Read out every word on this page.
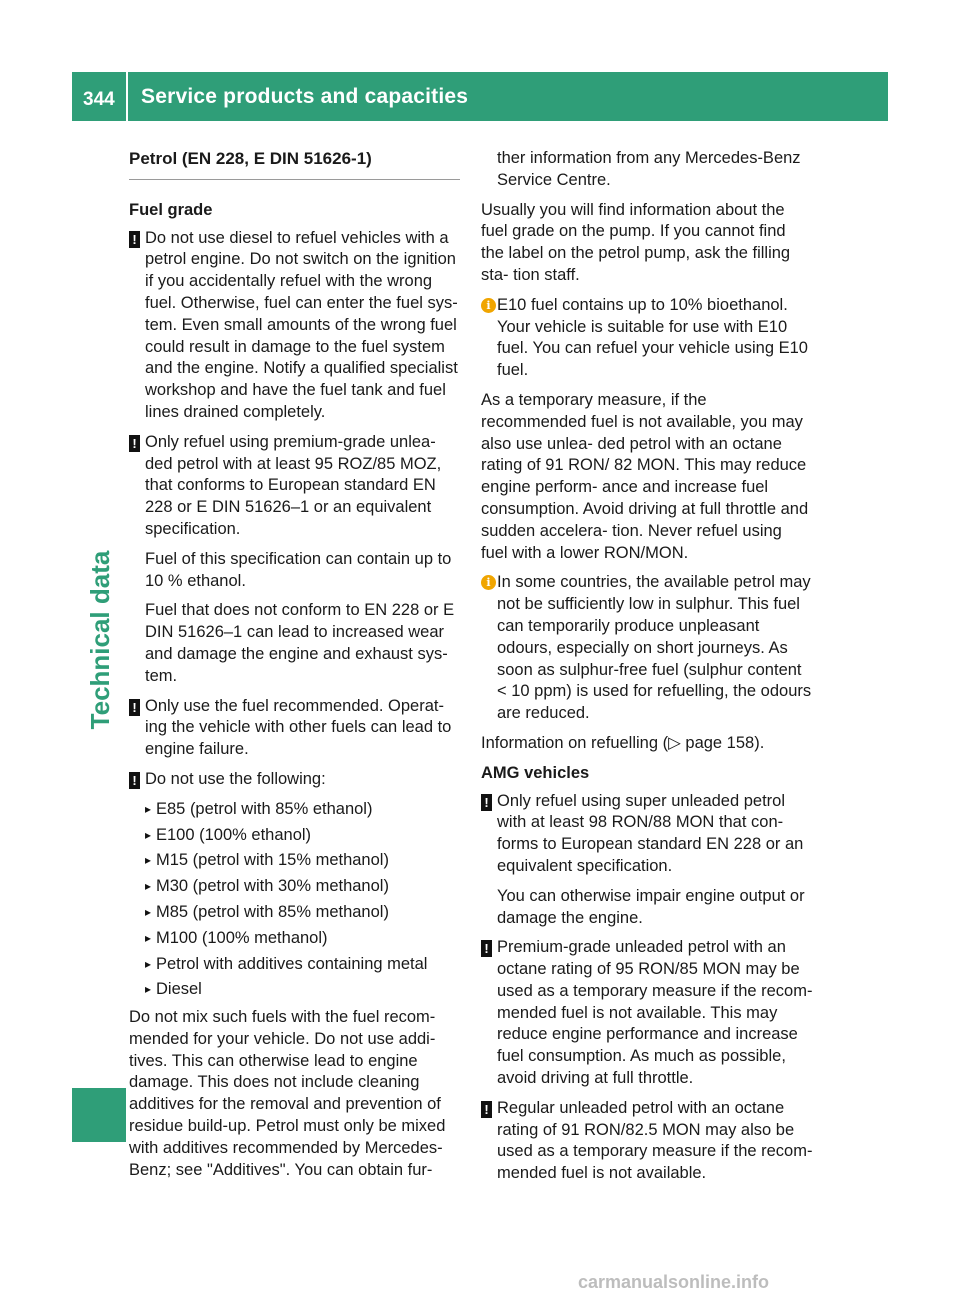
344 Service products and capacities
Technical data
Petrol (EN 228, E DIN 51626-1)
Fuel grade
! Do not use diesel to refuel vehicles with a petrol engine. Do not switch on the ignition if you accidentally refuel with the wrong fuel. Otherwise, fuel can enter the fuel sys- tem. Even small amounts of the wrong fuel could result in damage to the fuel system and the engine. Notify a qualified specialist workshop and have the fuel tank and fuel lines drained completely.

! Only refuel using premium-grade unlea- ded petrol with at least 95 ROZ/85 MOZ, that conforms to European standard EN 228 or E DIN 51626–1 or an equivalent specification.

Fuel of this specification can contain up to 10 % ethanol.

Fuel that does not conform to EN 228 or E DIN 51626–1 can lead to increased wear and damage the engine and exhaust sys- tem.

! Only use the fuel recommended. Operat- ing the vehicle with other fuels can lead to engine failure.

! Do not use the following:

▸ E85 (petrol with 85% ethanol)
▸ E100 (100% ethanol)
▸ M15 (petrol with 15% methanol)
▸ M30 (petrol with 30% methanol)
▸ M85 (petrol with 85% methanol)
▸ M100 (100% methanol)
▸ Petrol with additives containing metal
▸ Diesel

Do not mix such fuels with the fuel recom- mended for your vehicle. Do not use addi- tives. This can otherwise lead to engine damage. This does not include cleaning additives for the removal and prevention of residue build-up. Petrol must only be mixed with additives recommended by Mercedes- Benz; see "Additives". You can obtain fur-

ther information from any Mercedes-Benz Service Centre.

Usually you will find information about the fuel grade on the pump. If you cannot find the label on the petrol pump, ask the filling sta- tion staff.

i E10 fuel contains up to 10% bioethanol. Your vehicle is suitable for use with E10 fuel. You can refuel your vehicle using E10 fuel.

As a temporary measure, if the recommended fuel is not available, you may also use unlea- ded petrol with an octane rating of 91 RON/ 82 MON. This may reduce engine perform- ance and increase fuel consumption. Avoid driving at full throttle and sudden accelera- tion. Never refuel using fuel with a lower RON/MON.

i In some countries, the available petrol may not be sufficiently low in sulphur. This fuel can temporarily produce unpleasant odours, especially on short journeys. As soon as sulphur-free fuel (sulphur content < 10 ppm) is used for refuelling, the odours are reduced.

Information on refuelling (▷ page 158).

AMG vehicles
! Only refuel using super unleaded petrol with at least 98 RON/88 MON that con- forms to European standard EN 228 or an equivalent specification.

You can otherwise impair engine output or damage the engine.

! Premium-grade unleaded petrol with an octane rating of 95 RON/85 MON may be used as a temporary measure if the recom- mended fuel is not available. This may reduce engine performance and increase fuel consumption. As much as possible, avoid driving at full throttle.

! Regular unleaded petrol with an octane rating of 91 RON/82.5 MON may also be used as a temporary measure if the recom- mended fuel is not available.

carmanualsonline.info
